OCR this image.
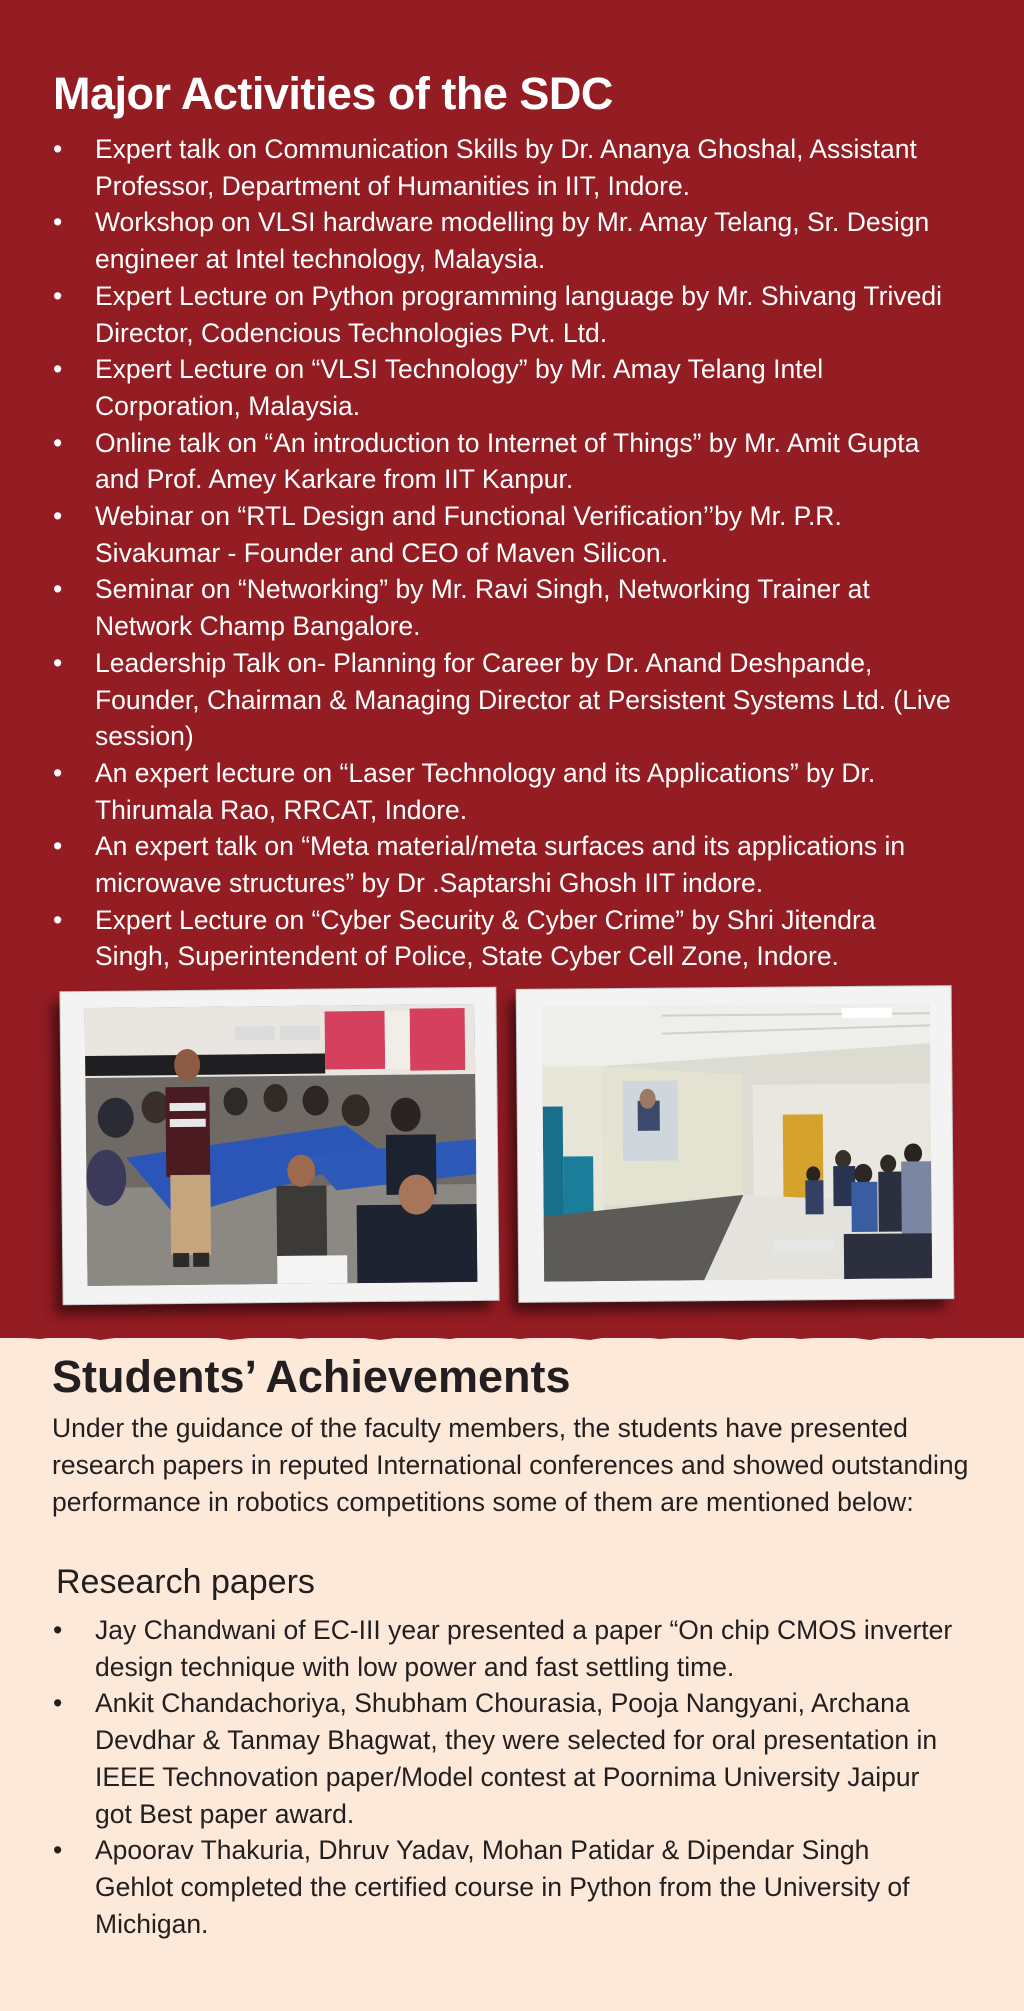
Major Activities of the SDC
•	Expert talk on Communication Skills by Dr. Ananya Ghoshal, Assistant Professor, Department of Humanities in IIT, Indore.
•	Workshop on VLSI hardware modelling by Mr. Amay Telang, Sr. Design engineer at Intel technology, Malaysia.
•	Expert Lecture on Python programming language by Mr. Shivang Trivedi Director, Codencious Technologies Pvt. Ltd.
•	Expert Lecture on “VLSI Technology” by Mr. Amay Telang Intel Corporation, Malaysia.
•	Online talk on “An introduction to Internet of Things” by Mr. Amit Gupta and Prof. Amey Karkare from IIT Kanpur.
•	Webinar on “RTL Design and Functional Verification’’by Mr. P.R. Sivakumar - Founder and CEO of Maven Silicon.
•	Seminar on “Networking” by Mr. Ravi Singh, Networking Trainer at Network Champ Bangalore.
•	Leadership Talk on- Planning for Career by Dr. Anand Deshpande, Founder, Chairman & Managing Director at Persistent Systems Ltd. (Live session)
•	An expert lecture on “Laser Technology and its Applications” by Dr. Thirumala Rao, RRCAT, Indore.
•	An expert talk on “Meta material/meta surfaces and its applications in microwave structures” by Dr .Saptarshi Ghosh IIT indore.
•	Expert Lecture on “Cyber Security & Cyber Crime” by Shri Jitendra Singh, Superintendent of Police, State Cyber Cell Zone, Indore.
Students’ Achievements

Under the guidance of the faculty members, the students have presented research papers in reputed International conferences and showed outstanding performance in robotics competitions some of them are mentioned below:

Research papers
•	Jay Chandwani of EC-III year presented a paper “On chip CMOS inverter design technique with low power and fast settling time.
•	Ankit Chandachoriya, Shubham Chourasia, Pooja Nangyani, Archana Devdhar & Tanmay Bhagwat, they were selected for oral presentation in IEEE Technovation paper/Model contest at Poornima University Jaipur got Best paper award.
•	Apoorav Thakuria, Dhruv Yadav, Mohan Patidar & Dipendar Singh Gehlot completed the certified course in Python from the University of Michigan.
